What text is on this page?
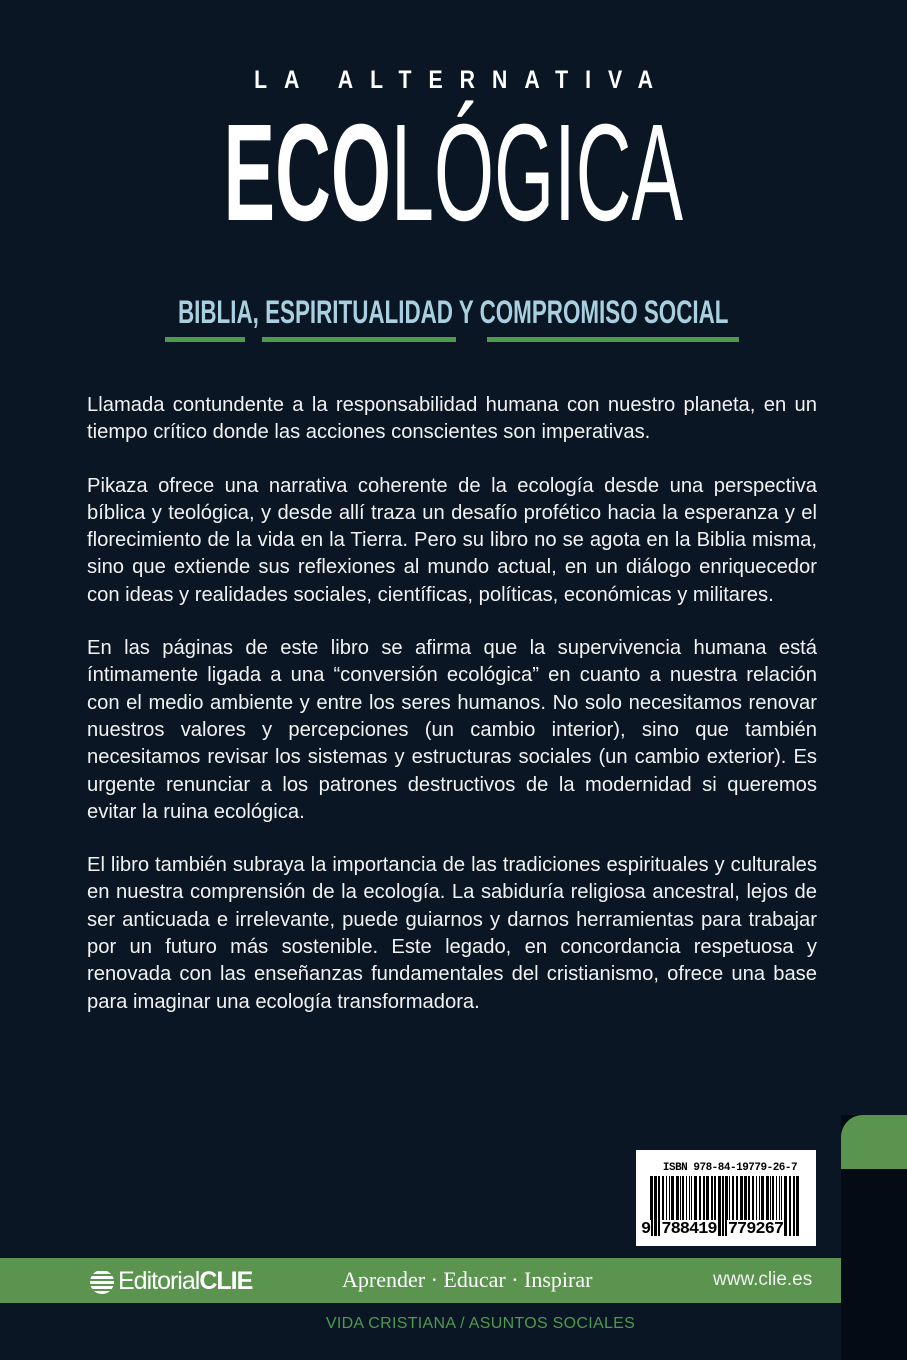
LA ALTERNATIVA
ECOLÓGICA
BIBLIA, ESPIRITUALIDAD Y COMPROMISO SOCIAL

Llamada contundente a la responsabilidad humana con nuestro planeta, en un tiempo crítico donde las acciones conscientes son imperativas.

Pikaza ofrece una narrativa coherente de la ecología desde una perspectiva bíblica y teológica, y desde allí traza un desafío profético hacia la esperanza y el florecimiento de la vida en la Tierra. Pero su libro no se agota en la Biblia misma, sino que extiende sus reflexiones al mundo actual, en un diálogo enriquecedor con ideas y realidades sociales, científicas, políticas, económicas y militares.

En las páginas de este libro se afirma que la supervivencia humana está íntimamente ligada a una “conversión ecológica” en cuanto a nuestra relación con el medio ambiente y entre los seres humanos. No solo necesitamos renovar nuestros valores y percepciones (un cambio interior), sino que también necesitamos revisar los sistemas y estructuras sociales (un cambio exterior). Es urgente renunciar a los patrones destructivos de la modernidad si queremos evitar la ruina ecológica.

El libro también subraya la importancia de las tradiciones espirituales y culturales en nuestra comprensión de la ecología. La sabiduría religiosa ancestral, lejos de ser anticuada e irrelevante, puede guiarnos y darnos herramientas para trabajar por un futuro más sostenible. Este legado, en concordancia respetuosa y renovada con las enseñanzas fundamentales del cristianismo, ofrece una base para imaginar una ecología transformadora.

ISBN 978-84-19779-26-7
9 788419 779267
Editorial CLIE	Aprender · Educar · Inspirar	www.clie.es
VIDA CRISTIANA / ASUNTOS SOCIALES
